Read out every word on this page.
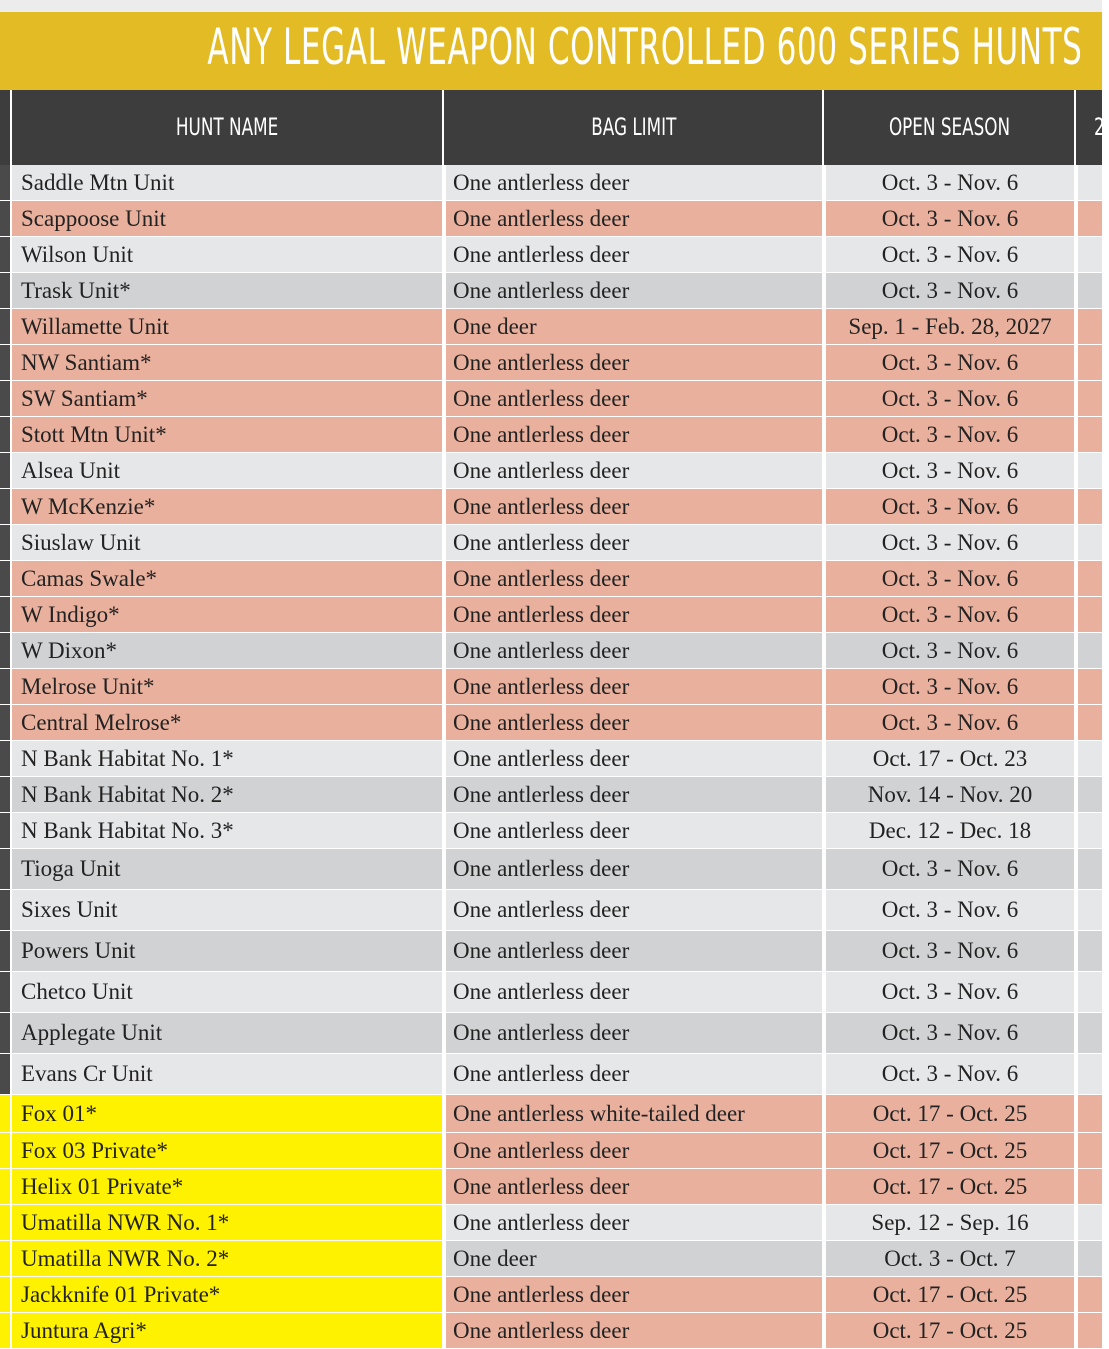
ANY LEGAL WEAPON CONTROLLED 600 SERIES HUNTS
HUNT NAME	BAG LIMIT	OPEN SEASON	2
Saddle Mtn Unit	One antlerless deer	Oct. 3 - Nov. 6
Scappoose Unit	One antlerless deer	Oct. 3 - Nov. 6
Wilson Unit	One antlerless deer	Oct. 3 - Nov. 6
Trask Unit*	One antlerless deer	Oct. 3 - Nov. 6
Willamette Unit	One deer	Sep. 1 - Feb. 28, 2027
NW Santiam*	One antlerless deer	Oct. 3 - Nov. 6
SW Santiam*	One antlerless deer	Oct. 3 - Nov. 6
Stott Mtn Unit*	One antlerless deer	Oct. 3 - Nov. 6
Alsea Unit	One antlerless deer	Oct. 3 - Nov. 6
W McKenzie*	One antlerless deer	Oct. 3 - Nov. 6
Siuslaw Unit	One antlerless deer	Oct. 3 - Nov. 6
Camas Swale*	One antlerless deer	Oct. 3 - Nov. 6
W Indigo*	One antlerless deer	Oct. 3 - Nov. 6
W Dixon*	One antlerless deer	Oct. 3 - Nov. 6
Melrose Unit*	One antlerless deer	Oct. 3 - Nov. 6
Central Melrose*	One antlerless deer	Oct. 3 - Nov. 6
N Bank Habitat No. 1*	One antlerless deer	Oct. 17 - Oct. 23
N Bank Habitat No. 2*	One antlerless deer	Nov. 14 - Nov. 20
N Bank Habitat No. 3*	One antlerless deer	Dec. 12 - Dec. 18
Tioga Unit	One antlerless deer	Oct. 3 - Nov. 6
Sixes Unit	One antlerless deer	Oct. 3 - Nov. 6
Powers Unit	One antlerless deer	Oct. 3 - Nov. 6
Chetco Unit	One antlerless deer	Oct. 3 - Nov. 6
Applegate Unit	One antlerless deer	Oct. 3 - Nov. 6
Evans Cr Unit	One antlerless deer	Oct. 3 - Nov. 6
Fox 01*	One antlerless white-tailed deer	Oct. 17 - Oct. 25
Fox 03 Private*	One antlerless deer	Oct. 17 - Oct. 25
Helix 01 Private*	One antlerless deer	Oct. 17 - Oct. 25
Umatilla NWR No. 1*	One antlerless deer	Sep. 12 - Sep. 16
Umatilla NWR No. 2*	One deer	Oct. 3 - Oct. 7
Jackknife 01 Private*	One antlerless deer	Oct. 17 - Oct. 25
Juntura Agri*	One antlerless deer	Oct. 17 - Oct. 25
